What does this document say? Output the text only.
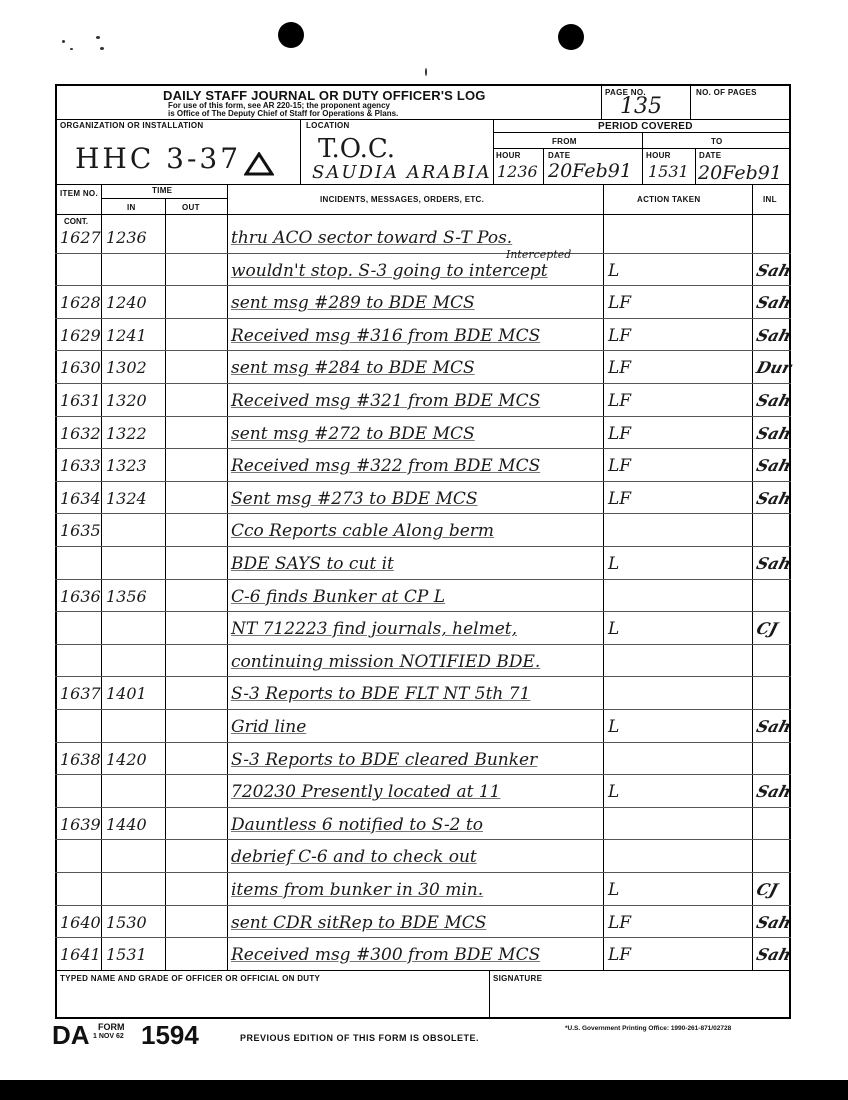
DAILY STAFF JOURNAL OR DUTY OFFICER'S LOG
For use of this form, see AR 220-15; the proponent agency
is Office of The Deputy Chief of Staff for Operations & Plans.
PAGE NO.
135
NO. OF PAGES
ORGANIZATION OR INSTALLATION
HHC 3-37
LOCATION
T.O.C.
SAUDIA ARABIA
PERIOD COVERED
FROM	TO
HOUR	DATE	HOUR	DATE
1236 20Feb91 1531 20Feb91
ITEM NO.	TIME
IN	OUT
INCIDENTS, MESSAGES, ORDERS, ETC.	ACTION TAKEN	INL
1627 1236	thru ACO sector toward S-T Pos.
wouldn't stop. S-3 going to intercept	L	Sah
1628 1240	sent msg #289 to BDE MCS	LF	Sah
1629 1241	Received msg #316 from BDE MCS	LF	Sah
1630 1302	sent msg #284 to BDE MCS	LF	Dur
1631 1320	Received msg #321 from BDE MCS	LF	Sah
1632 1322	sent msg #272 to BDE MCS	LF	Sah
1633 1323	Received msg #322 from BDE MCS	LF	Sah
1634 1324	Sent msg #273 to BDE MCS	LF	Sah
1635	Cco Reports cable Along berm
BDE SAYS to cut it	L	Sah
1636 1356	C-6 finds Bunker at CP L
NT 712223 find journals, helmet,	L	CJ
continuing mission NOTIFIED BDE.
1637 1401	S-3 Reports to BDE FLT NT 5th 71
Grid line	L	Sah
1638 1420	S-3 Reports to BDE cleared Bunker
720230 Presently located at 11	L	Sah
1639 1440	Dauntless 6 notified to S-2 to
debrief C-6 and to check out
items from bunker in 30 min.	L	CJ
1640 1530	sent CDR sitRep to BDE MCS	LF	Sah
1641 1531	Received msg #300 from BDE MCS	LF	Sah
CONT.
Intercepted
TYPED NAME AND GRADE OF OFFICER OR OFFICIAL ON DUTY	SIGNATURE
DA FORM
1 NOV 62 1594	PREVIOUS EDITION OF THIS FORM IS OBSOLETE.
*U.S. Government Printing Office: 1990-261-871/02728
